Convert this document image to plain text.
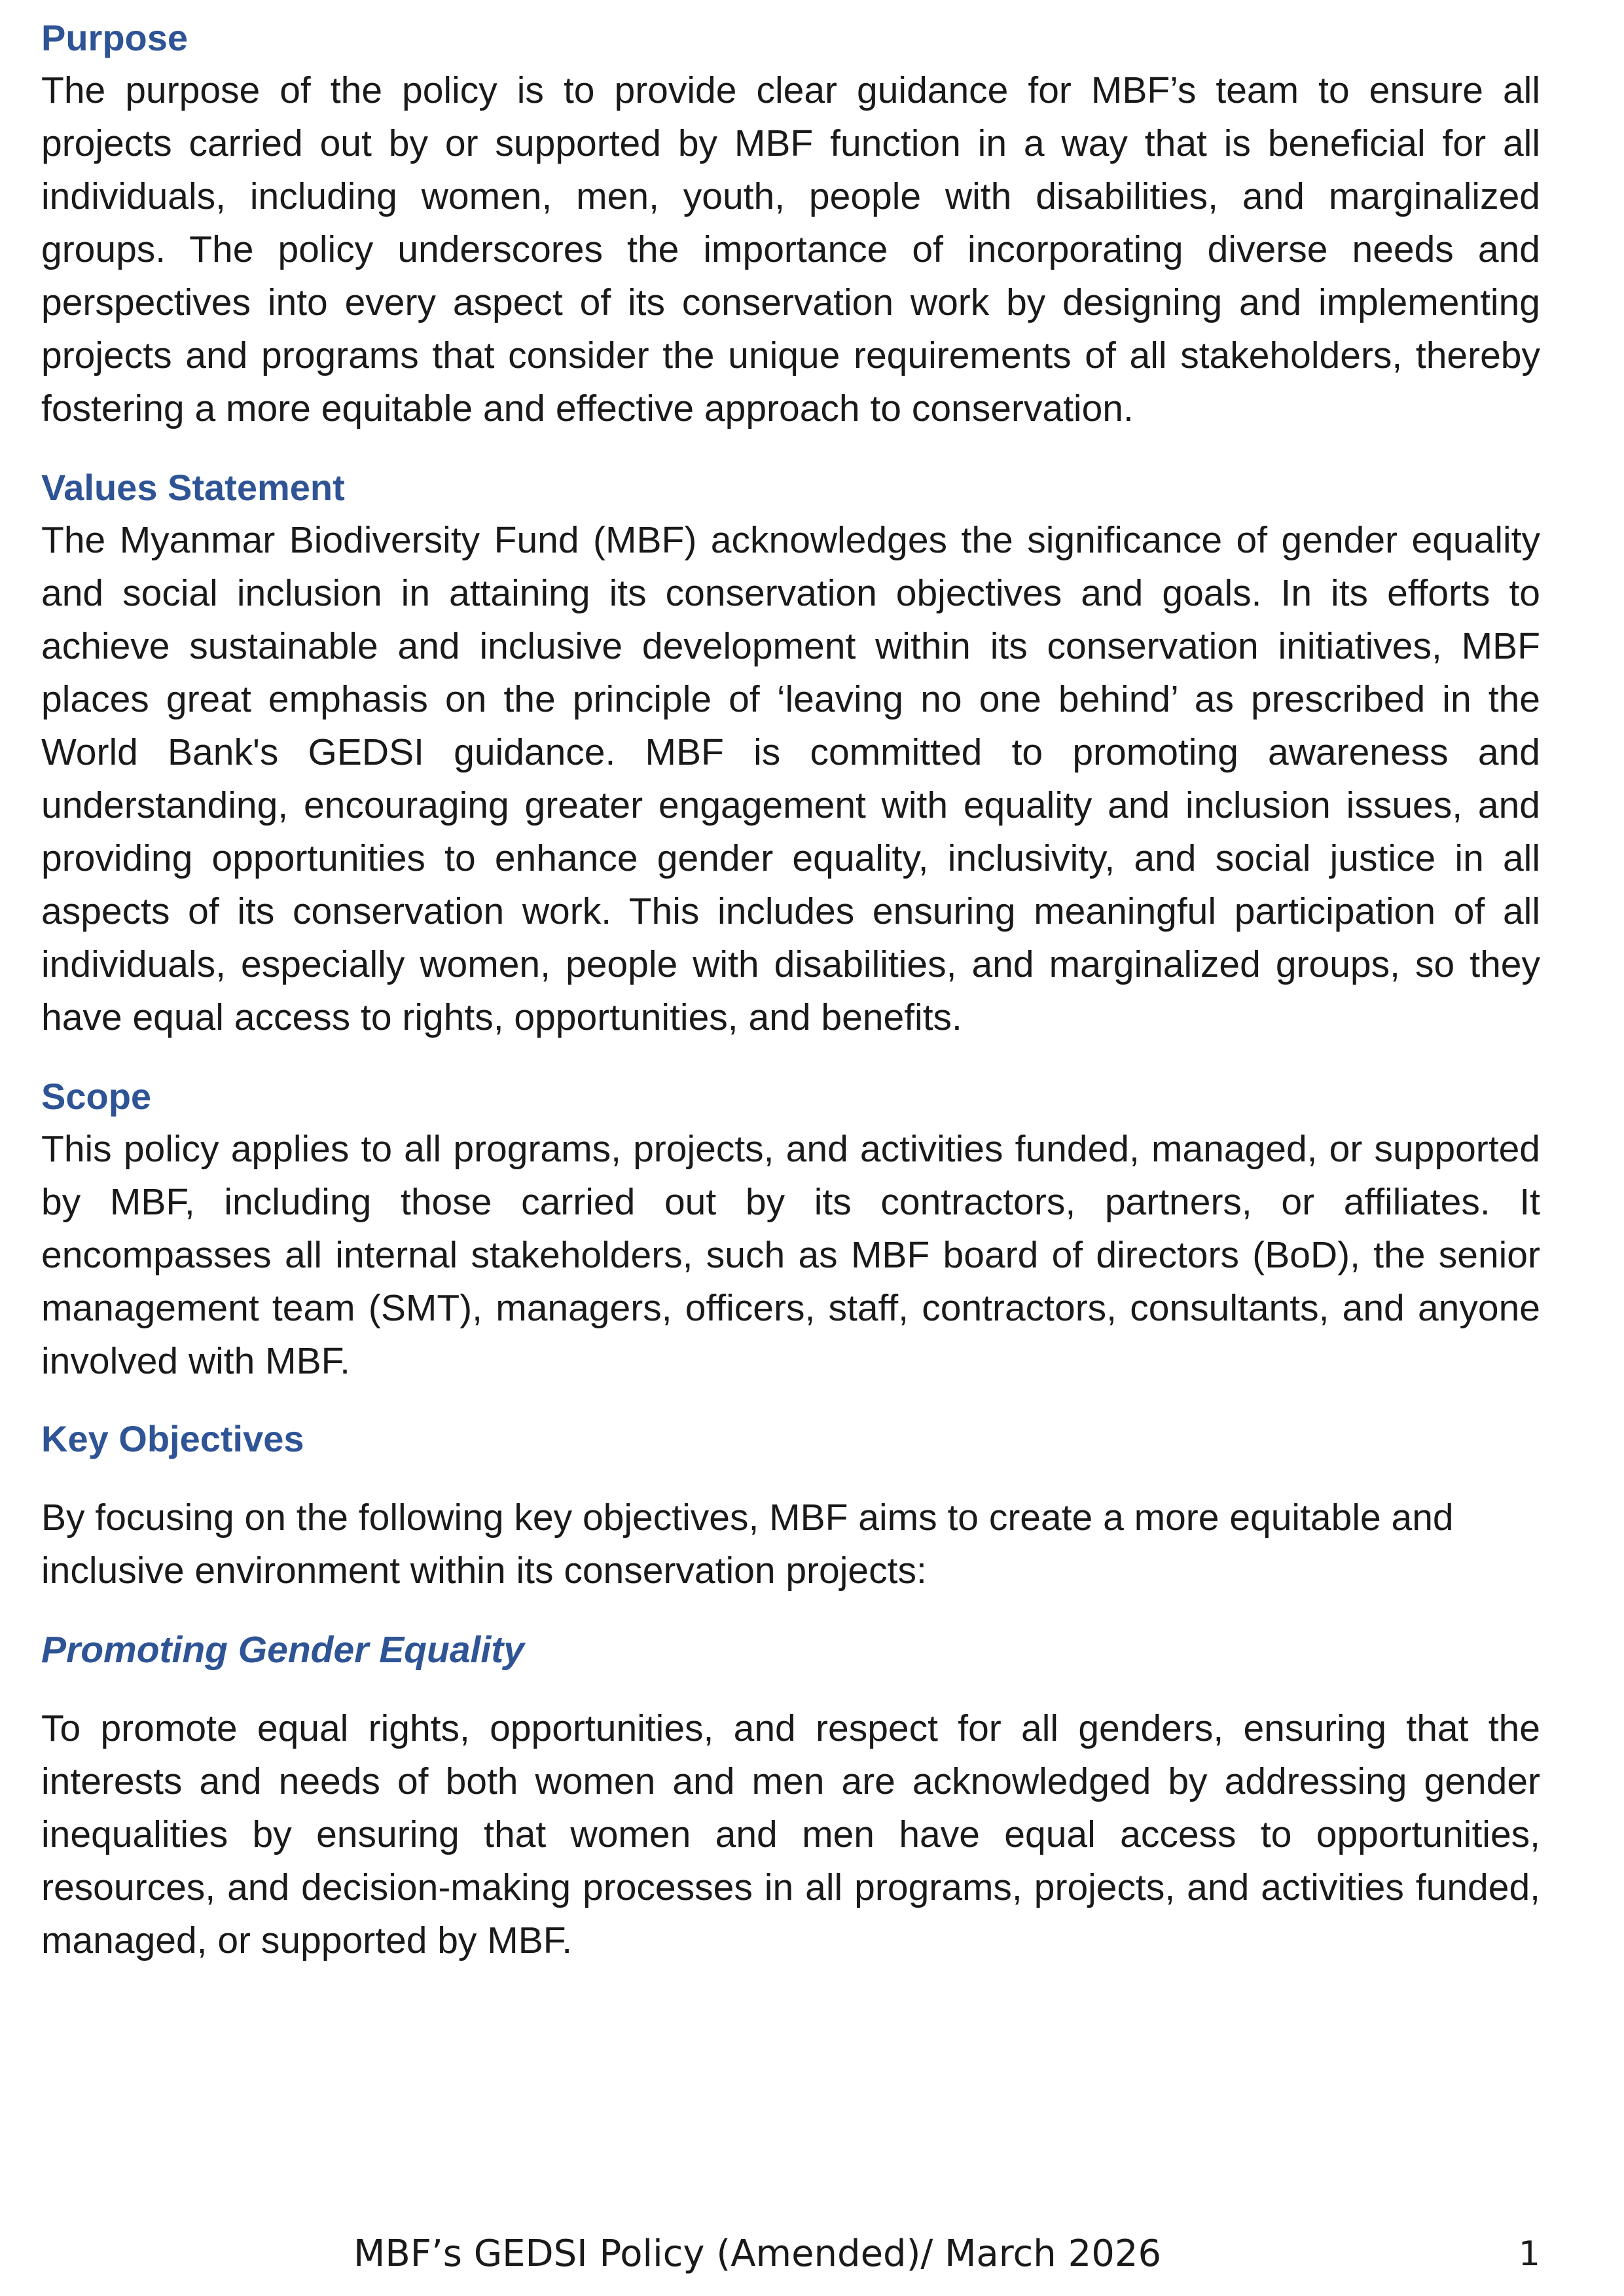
Purpose

The purpose of the policy is to provide clear guidance for MBF’s team to ensure all projects carried out by or supported by MBF function in a way that is beneficial for all individuals, including women, men, youth, people with disabilities, and marginalized groups. The policy underscores the importance of incorporating diverse needs and perspectives into every aspect of its conservation work by designing and implementing projects and programs that consider the unique requirements of all stakeholders, thereby fostering a more equitable and effective approach to conservation.

Values Statement

The Myanmar Biodiversity Fund (MBF) acknowledges the significance of gender equality and social inclusion in attaining its conservation objectives and goals. In its efforts to achieve sustainable and inclusive development within its conservation initiatives, MBF places great emphasis on the principle of ‘leaving no one behind’ as prescribed in the World Bank's GEDSI guidance. MBF is committed to promoting awareness and understanding, encouraging greater engagement with equality and inclusion issues, and providing opportunities to enhance gender equality, inclusivity, and social justice in all aspects of its conservation work. This includes ensuring meaningful participation of all individuals, especially women, people with disabilities, and marginalized groups, so they have equal access to rights, opportunities, and benefits.

Scope

This policy applies to all programs, projects, and activities funded, managed, or supported by MBF, including those carried out by its contractors, partners, or affiliates. It encompasses all internal stakeholders, such as MBF board of directors (BoD), the senior management team (SMT), managers, officers, staff, contractors, consultants, and anyone involved with MBF.

Key Objectives

By focusing on the following key objectives, MBF aims to create a more equitable and inclusive environment within its conservation projects:

Promoting Gender Equality

To promote equal rights, opportunities, and respect for all genders, ensuring that the interests and needs of both women and men are acknowledged by addressing gender inequalities by ensuring that women and men have equal access to opportunities, resources, and decision-making processes in all programs, projects, and activities funded, managed, or supported by MBF.

MBF’s GEDSI Policy (Amended)/ March 2026	1
